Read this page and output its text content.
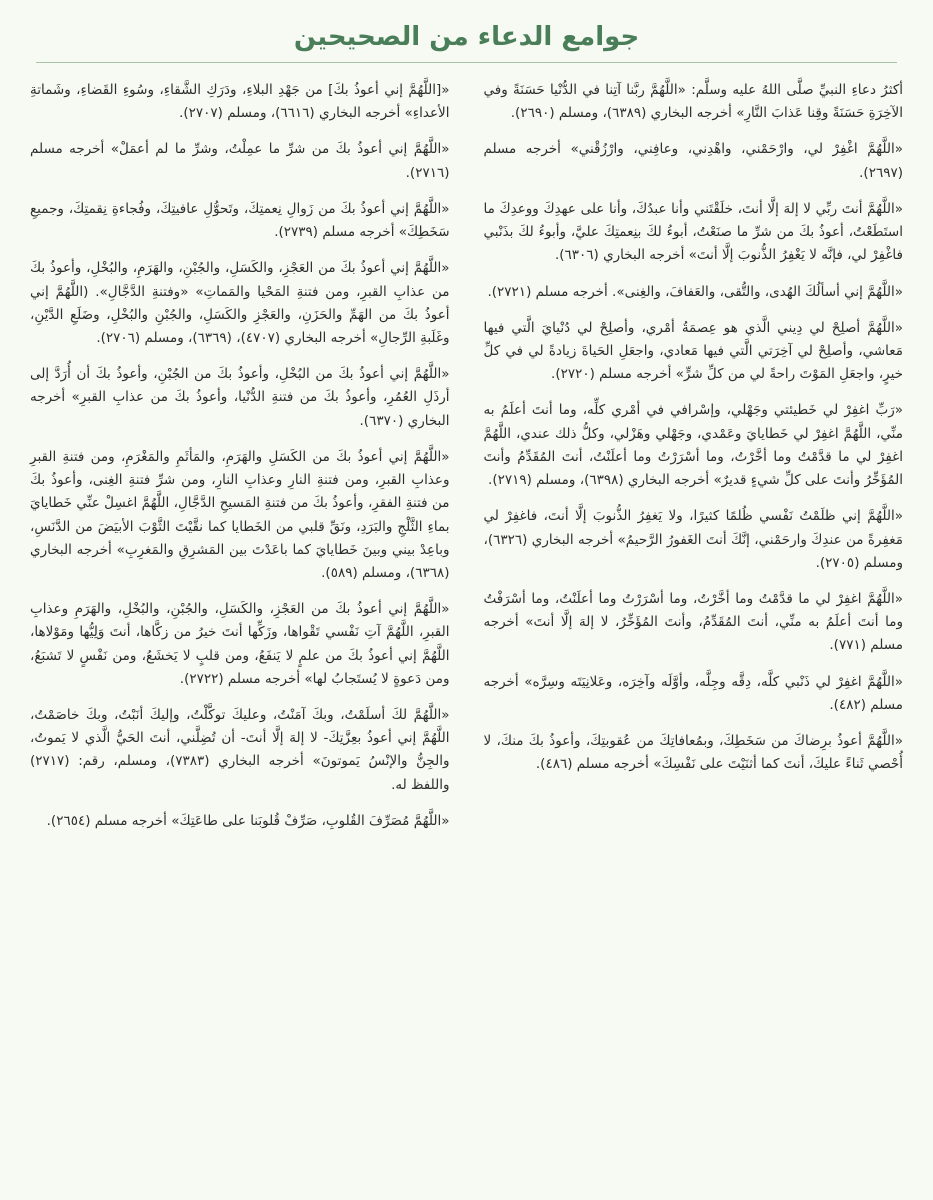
جوامع الدعاء من الصحيحين

أكثرُ دعاءِ النبيِّ صلَّى اللهُ عليه وسلَّم: «اللَّهُمَّ ربَّنا آتِنا في الدُّنْيا حَسَنَةً وفي الآخِرَةِ حَسَنَةً وقِنا عَذابَ النَّارِ» أخرجه البخاري (٦٣٨٩)، ومسلم (٢٦٩٠).

«اللَّهُمَّ اغْفِرْ لي، وارْحَمْني، واهْدِني، وعافِني، وارْزُقْني» أخرجه مسلم (٢٦٩٧).

«اللَّهُمَّ أنتَ ربِّي لا إلهَ إلَّا أنتَ، خلَقْتَني وأنا عبدُكَ، وأنا على عهدِكَ ووعدِكَ ما استَطَعْتُ، أعوذُ بكَ من شرِّ ما صنَعْتُ، أبوءُ لكَ بنِعمتِكَ عليَّ، وأبوءُ لكَ بذَنْبي فاغْفِرْ لي، فإنَّه لا يَغْفِرُ الذُّنوبَ إلَّا أنتَ» أخرجه البخاري (٦٣٠٦).

«اللَّهُمَّ إني أسألُكَ الهُدى، والتُّقى، والعَفافَ، والغِنى». أخرجه مسلم (٢٧٢١).

«اللَّهُمَّ أصلِحْ لي دِيني الَّذي هو عِصمَةُ أمْري، وأصلِحْ لي دُنْيايَ الَّتي فيها مَعاشي، وأصلِحْ لي آخِرَتي الَّتي فيها مَعادي، واجعَلِ الحَياةَ زيادةً لي في كلِّ خيرٍ، واجعَلِ المَوْتَ راحةً لي من كلِّ شرٍّ» أخرجه مسلم (٢٧٢٠).

«رَبِّ اغفِرْ لي خَطيئتي وجَهْلي، وإسْرافي في أمْري كلِّه، وما أنتَ أعلَمُ به منِّي، اللَّهُمَّ اغفِرْ لي خَطايايَ وعَمْدي، وجَهْلي وهَزْلي، وكلُّ ذلك عندي، اللَّهُمَّ اغفِرْ لي ما قدَّمْتُ وما أخَّرْتُ، وما أسْرَرْتُ وما أعلَنْتُ، أنتَ المُقَدِّمُ وأنتَ المُؤَخِّرُ وأنتَ على كلِّ شيءٍ قديرٌ» أخرجه البخاري (٦٣٩٨)، ومسلم (٢٧١٩).

«اللَّهُمَّ إني ظلَمْتُ نَفْسي ظُلمًا كثيرًا، ولا يَغفِرُ الذُّنوبَ إلَّا أنتَ، فاغفِرْ لي مَغفِرةً من عندِكَ وارحَمْني، إنَّكَ أنتَ الغَفورُ الرَّحيمُ» أخرجه البخاري (٦٣٢٦)، ومسلم (٢٧٠٥).

«اللَّهُمَّ اغفِرْ لي ما قدَّمْتُ وما أخَّرْتُ، وما أسْرَرْتُ وما أعلَنْتُ، وما أسْرَفْتُ وما أنتَ أعلَمُ به منِّي، أنتَ المُقَدِّمُ، وأنتَ المُؤَخِّرُ، لا إلهَ إلَّا أنتَ» أخرجه مسلم (٧٧١).

«اللَّهُمَّ اغفِرْ لي ذَنْبي كلَّه، دِقَّه وجِلَّه، وأوَّلَه وآخِرَه، وعَلانِيَتَه وسِرَّه» أخرجه مسلم (٤٨٢).

«اللَّهُمَّ أعوذُ برِضاكَ من سَخَطِكَ، وبمُعافاتِكَ من عُقوبتِكَ، وأعوذُ بكَ منكَ، لا أُحْصي ثَناءً عليكَ، أنتَ كما أثنَيْتَ على نَفْسِكَ» أخرجه مسلم (٤٨٦).

«[اللَّهُمَّ إني أعوذُ بكَ] من جَهْدِ البلاءِ، ودَرَكِ الشَّقاءِ، وسُوءِ القَضاءِ، وشَماتةِ الأعداءِ» أخرجه البخاري (٦٦١٦)، ومسلم (٢٧٠٧).

«اللَّهُمَّ إني أعوذُ بكَ من شرِّ ما عمِلْتُ، وشرِّ ما لم أعمَلْ» أخرجه مسلم (٢٧١٦).

«اللَّهُمَّ إني أعوذُ بكَ من زَوالِ نِعمتِكَ، وتَحوُّلِ عافيتِكَ، وفُجاءةِ نِقمتِكَ، وجميعِ سَخَطِكَ» أخرجه مسلم (٢٧٣٩).

«اللَّهُمَّ إني أعوذُ بكَ من العَجْزِ، والكَسَلِ، والجُبْنِ، والهَرَمِ، والبُخْلِ، وأعوذُ بكَ من عذابِ القبرِ، ومن فتنةِ المَحْيا والمَماتِ» «وفتنةِ الدَّجَّالِ». (اللَّهُمَّ إني أعوذُ بكَ من الهَمِّ والحَزَنِ، والعَجْزِ والكَسَلِ، والجُبْنِ والبُخْلِ، وضَلَعِ الدَّيْنِ، وغَلَبةِ الرِّجالِ» أخرجه البخاري (٤٧٠٧)، (٦٣٦٩)، ومسلم (٢٧٠٦).

«اللَّهُمَّ إني أعوذُ بكَ من البُخْلِ، وأعوذُ بكَ من الجُبْنِ، وأعوذُ بكَ أن أُرَدَّ إلى أرذَلِ العُمُرِ، وأعوذُ بكَ من فتنةِ الدُّنْيا، وأعوذُ بكَ من عذابِ القبرِ» أخرجه البخاري (٦٣٧٠).

«اللَّهُمَّ إني أعوذُ بكَ من الكَسَلِ والهَرَمِ، والمَأثَمِ والمَغْرَمِ، ومن فتنةِ القبرِ وعذابِ القبرِ، ومن فتنةِ النارِ وعذابِ النارِ، ومن شرِّ فتنةِ الغِنى، وأعوذُ بكَ من فتنةِ الفقرِ، وأعوذُ بكَ من فتنةِ المَسيحِ الدَّجَّالِ، اللَّهُمَّ اغسِلْ عنِّي خَطايايَ بماءِ الثَّلْجِ والبَرَدِ، ونَقِّ قلبي من الخَطايا كما نقَّيْتَ الثَّوْبَ الأبيَضَ من الدَّنَسِ، وباعِدْ بيني وبينَ خَطايايَ كما باعَدْتَ بين المَشرِقِ والمَغرِبِ» أخرجه البخاري (٦٣٦٨)، ومسلم (٥٨٩).

«اللَّهُمَّ إني أعوذُ بكَ من العَجْزِ، والكَسَلِ، والجُبْنِ، والبُخْلِ، والهَرَمِ وعذابِ القبرِ، اللَّهُمَّ آتِ نَفْسي تَقْواها، وزَكِّها أنتَ خيرُ من زكَّاها، أنتَ وَلِيُّها ومَوْلاها، اللَّهُمَّ إني أعوذُ بكَ من علمٍ لا يَنفَعُ، ومن قلبٍ لا يَخشَعُ، ومن نَفْسٍ لا تَشبَعُ، ومن دَعوةٍ لا يُستَجابُ لها» أخرجه مسلم (٢٧٢٢).

«اللَّهُمَّ لكَ أسلَمْتُ، وبكَ آمَنْتُ، وعليكَ توكَّلْتُ، وإليكَ أنَبْتُ، وبكَ خاصَمْتُ، اللَّهُمَّ إني أعوذُ بعِزَّتِكَ- لا إلهَ إلَّا أنتَ- أن تُضِلَّني، أنتَ الحَيُّ الَّذي لا يَموتُ، والجِنُّ والإنْسُ يَموتونَ» أخرجه البخاري (٧٣٨٣)، ومسلم، رقم: (٢٧١٧) واللفظ له.

«اللَّهُمَّ مُصَرِّفَ القُلوبِ، صَرِّفْ قُلوبَنا على طاعَتِكَ» أخرجه مسلم (٢٦٥٤).
